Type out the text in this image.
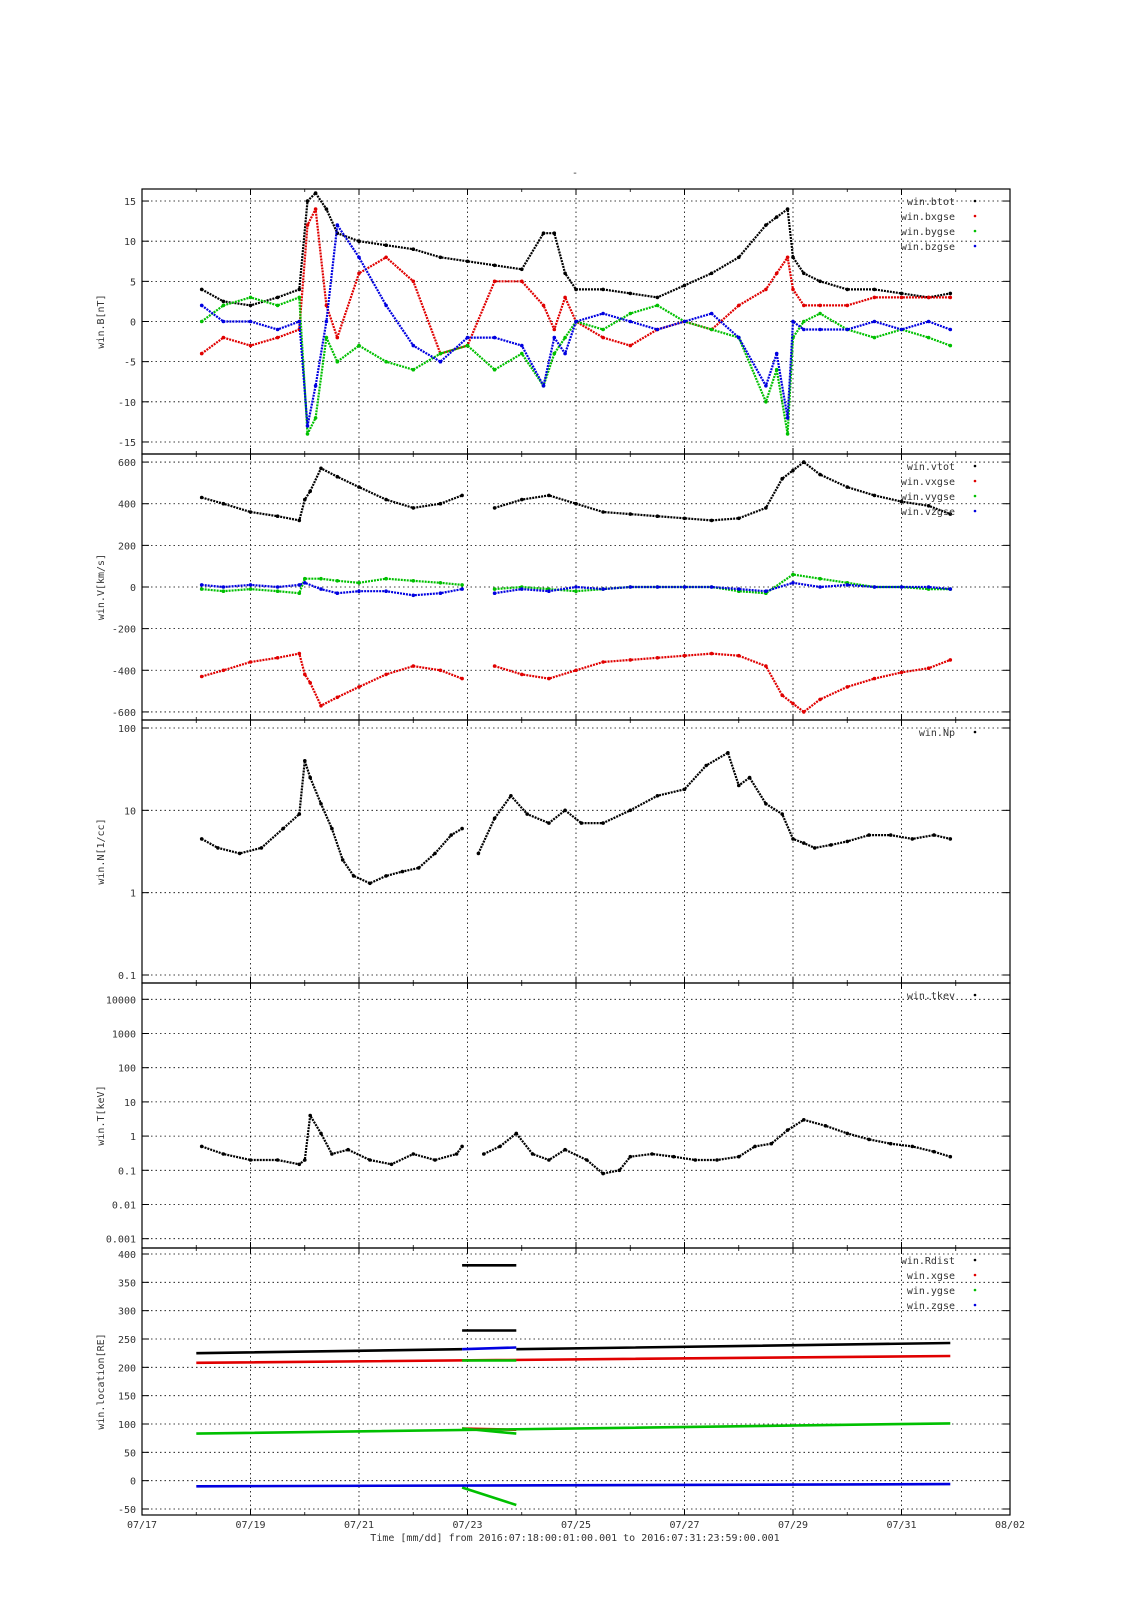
-
15
10
5
0
-5
-10
-15
win.B[nT]
win.btot
win.bxgse
win.bygse
win.bzgse
600
400
200
0
-200
-400
-600
win.V[km/s]
win.vtot
win.vxgse
win.vygse
win.vzgse
100
10
1
0.1
win.N[1/cc]
win.Np
10000
1000
100
10
1
0.1
0.01
0.001
win.T[keV]
win.tkev
400
350
300
250
200
150
100
50
0
-50
win.location[RE]
win.Rdist
win.xgse
win.ygse
win.zgse
07/17	07/19	07/21	07/23	07/25	07/27	07/29	07/31	08/02
Time [mm/dd] from 2016:07:18:00:01:00.001 to 2016:07:31:23:59:00.001
